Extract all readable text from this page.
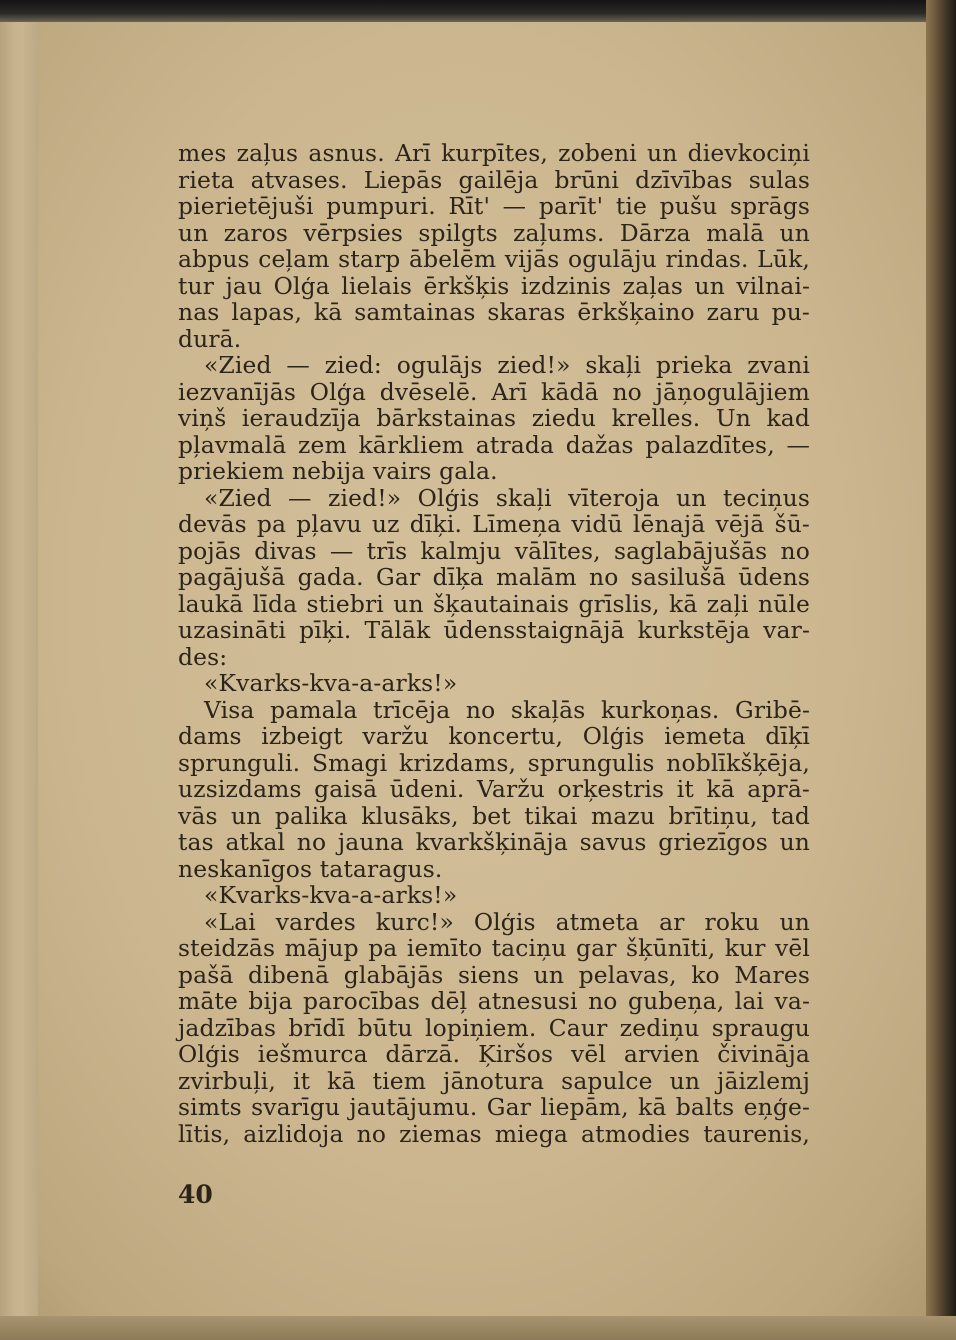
mes zaļus asnus. Arī kurpītes, zobeni un dievkociņi

rieta atvases. Liepās gailēja brūni dzīvības sulas

pierietējuši pumpuri. Rīt' — parīt' tie pušu sprāgs

un zaros vērpsies spilgts zaļums. Dārza malā un

abpus ceļam starp ābelēm vijās ogulāju rindas. Lūk,

tur jau Olģa lielais ērkšķis izdzinis zaļas un vilnai-

nas lapas, kā samtainas skaras ērkšķaino zaru pu-

durā.

«Zied — zied: ogulājs zied!» skaļi prieka zvani

iezvanījās Olģa dvēselē. Arī kādā no jāņogulājiem

viņš ieraudzīja bārkstainas ziedu krelles. Un kad

pļavmalā zem kārkliem atrada dažas palazdītes, —

priekiem nebija vairs gala.

«Zied — zied!» Olģis skaļi vīteroja un teciņus

devās pa pļavu uz dīķi. Līmeņa vidū lēnajā vējā šū-

pojās divas — trīs kalmju vālītes, saglabājušās no

pagājušā gada. Gar dīķa malām no sasilušā ūdens

laukā līda stiebri un šķautainais grīslis, kā zaļi nūle

uzasināti pīķi. Tālāk ūdensstaignājā kurkstēja var-

des:

«Kvarks-kva-a-arks!»

Visa pamala trīcēja no skaļās kurkoņas. Gribē-

dams izbeigt varžu koncertu, Olģis iemeta dīķī

sprunguli. Smagi krizdams, sprungulis noblīkšķēja,

uzsizdams gaisā ūdeni. Varžu orķestris it kā aprā-

vās un palika klusāks, bet tikai mazu brītiņu, tad

tas atkal no jauna kvarkšķināja savus griezīgos un

neskanīgos tataragus.

«Kvarks-kva-a-arks!»

«Lai vardes kurc!» Olģis atmeta ar roku un

steidzās mājup pa iemīto taciņu gar šķūnīti, kur vēl

pašā dibenā glabājās siens un pelavas, ko Mares

māte bija parocības dēļ atnesusi no gubeņa, lai va-

jadzības brīdī būtu lopiņiem. Caur zediņu spraugu

Olģis iešmurca dārzā. Ķiršos vēl arvien čivināja

zvirbuļi, it kā tiem jānotura sapulce un jāizlemj

simts svarīgu jautājumu. Gar liepām, kā balts eņģe-

lītis, aizlidoja no ziemas miega atmodies taurenis,

40
